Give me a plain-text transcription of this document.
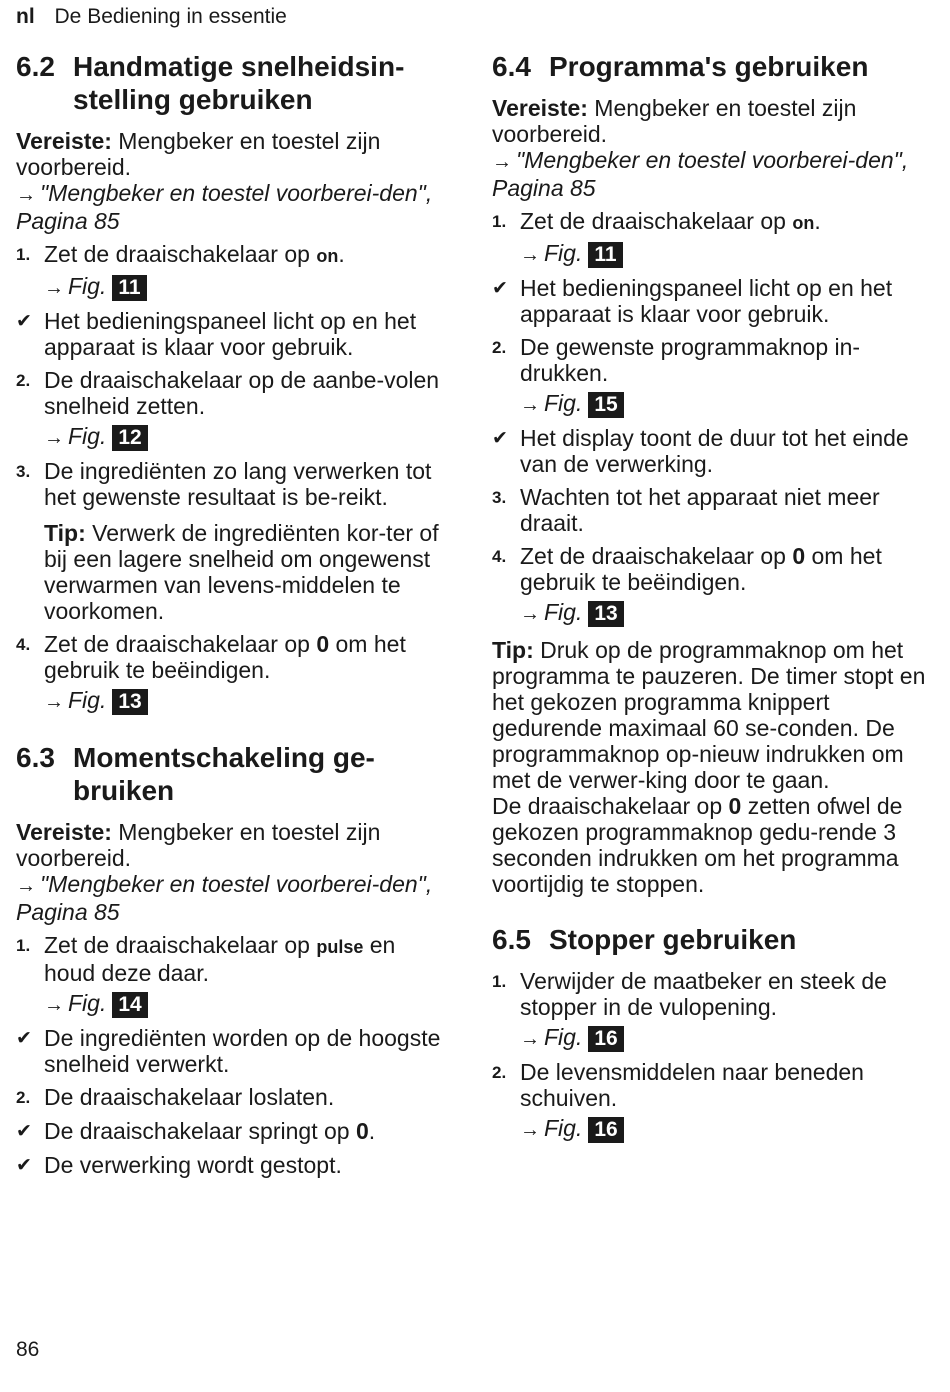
nl De Bediening in essentie
6.2 Handmatige snelheidsin-stelling gebruiken

Vereiste: Mengbeker en toestel zijn voorbereid.

→ "Mengbeker en toestel voorberei-den", Pagina 85

1. Zet de draaischakelaar op on.
→ Fig. 11
✔ Het bedieningspaneel licht op en het apparaat is klaar voor gebruik.
2. De draaischakelaar op de aanbe-volen snelheid zetten.
→ Fig. 12
3. De ingrediënten zo lang verwerken tot het gewenste resultaat is be-reikt.

Tip: Verwerk de ingrediënten kor-ter of bij een lagere snelheid om ongewenst verwarmen van levens-middelen te voorkomen.

4. Zet de draaischakelaar op 0 om het gebruik te beëindigen.
→ Fig. 13
6.3 Momentschakeling ge-bruiken

Vereiste: Mengbeker en toestel zijn voorbereid.

→ "Mengbeker en toestel voorberei-den", Pagina 85

1. Zet de draaischakelaar op pulse en houd deze daar.
→ Fig. 14
✔ De ingrediënten worden op de hoogste snelheid verwerkt.
2. De draaischakelaar loslaten.
✔ De draaischakelaar springt op 0.
✔ De verwerking wordt gestopt.
6.4 Programma's gebruiken

Vereiste: Mengbeker en toestel zijn voorbereid.

→ "Mengbeker en toestel voorberei-den", Pagina 85

1. Zet de draaischakelaar op on.
→ Fig. 11
✔ Het bedieningspaneel licht op en het apparaat is klaar voor gebruik.
2. De gewenste programmaknop in-drukken.
→ Fig. 15
✔ Het display toont de duur tot het einde van de verwerking.
3. Wachten tot het apparaat niet meer draait.
4. Zet de draaischakelaar op 0 om het gebruik te beëindigen.
→ Fig. 13

Tip: Druk op de programmaknop om het programma te pauzeren. De timer stopt en het gekozen programma knippert gedurende maximaal 60 se-conden. De programmaknop op-nieuw indrukken om met de verwer-king door te gaan.

De draaischakelaar op 0 zetten ofwel de gekozen programmaknop gedu-rende 3 seconden indrukken om het programma voortijdig te stoppen.

6.5 Stopper gebruiken
1. Verwijder de maatbeker en steek de stopper in de vulopening.
→ Fig. 16
2. De levensmiddelen naar beneden schuiven.
→ Fig. 16
86
